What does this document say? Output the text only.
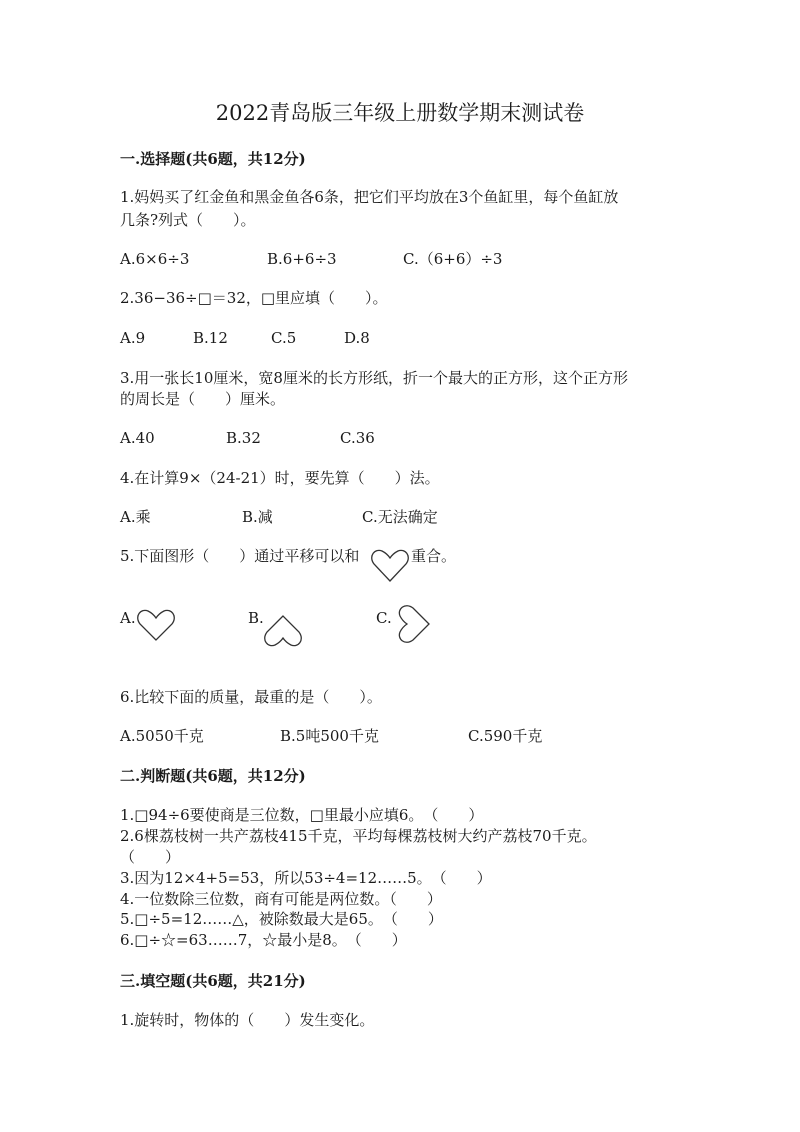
2022青岛版三年级上册数学期末测试卷
一.选择题(共6题，共12分)
1.妈妈买了红金鱼和黑金鱼各6条，把它们平均放在3个鱼缸里，每个鱼缸放
几条?列式（　　）。
A.6×6÷3	B.6+6÷3	C.（6+6）÷3
2.36−36÷□＝32，□里应填（　　）。
A.9	B.12	C.5	D.8
3.用一张长10厘米，宽8厘米的长方形纸，折一个最大的正方形，这个正方形
的周长是（　　）厘米。
A.40	B.32	C.36
4.在计算9×（24-21）时，要先算（　　）法。
A.乘	B.减	C.无法确定
5.下面图形（　　）通过平移可以和	重合。
A.	B.	C.
6.比较下面的质量，最重的是（　　）。
A.5050千克	B.5吨500千克	C.590千克
二.判断题(共6题，共12分)
1.□94÷6要使商是三位数，□里最小应填6。　（　　）
2.6棵荔枝树一共产荔枝415千克，平均每棵荔枝树大约产荔枝70千克。
（　　）
3.因为12×4+5=53，所以53÷4=12……5。　（　　）
4.一位数除三位数，商有可能是两位数。（　　）
5.□÷5=12……△，被除数最大是65。　（　　）
6.□÷☆=63……7，☆最小是8。　（　　）
三.填空题(共6题，共21分)
1.旋转时，物体的（　　）发生变化。
